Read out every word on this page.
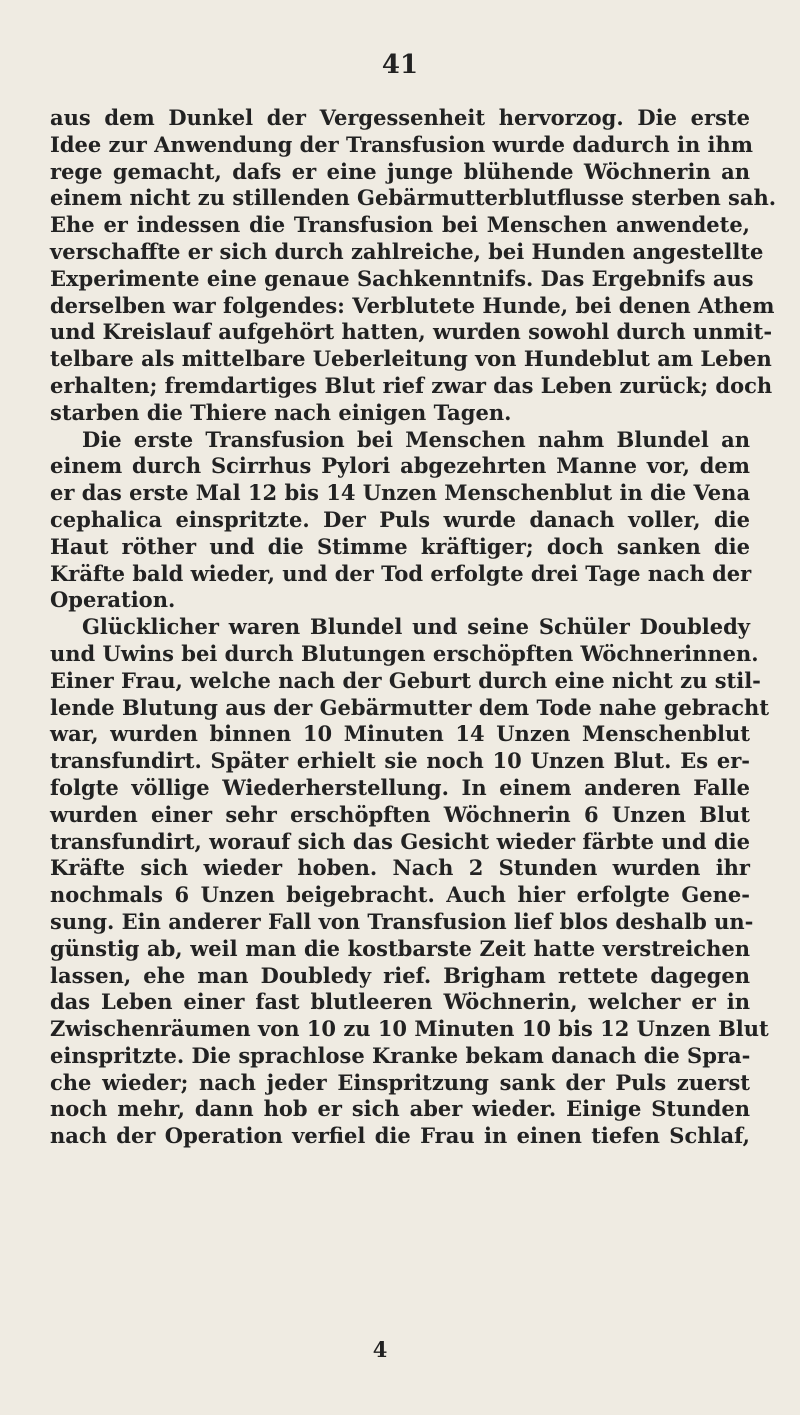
41
aus dem Dunkel der Vergessenheit hervorzog. Die erste
Idee zur Anwendung der Transfusion wurde dadurch in ihm
rege gemacht, dafs er eine junge blühende Wöchnerin an
einem nicht zu stillenden Gebärmutterblutflusse sterben sah.
Ehe er indessen die Transfusion bei Menschen anwendete,
verschaffte er sich durch zahlreiche, bei Hunden angestellte
Experimente eine genaue Sachkenntnifs. Das Ergebnifs aus
derselben war folgendes: Verblutete Hunde, bei denen Athem
und Kreislauf aufgehört hatten, wurden sowohl durch unmit-
telbare als mittelbare Ueberleitung von Hundeblut am Leben
erhalten; fremdartiges Blut rief zwar das Leben zurück; doch
starben die Thiere nach einigen Tagen.
Die erste Transfusion bei Menschen nahm Blundel an
einem durch Scirrhus Pylori abgezehrten Manne vor, dem
er das erste Mal 12 bis 14 Unzen Menschenblut in die Vena
cephalica einspritzte. Der Puls wurde danach voller, die
Haut röther und die Stimme kräftiger; doch sanken die
Kräfte bald wieder, und der Tod erfolgte drei Tage nach der
Operation.
Glücklicher waren Blundel und seine Schüler Doubledy
und Uwins bei durch Blutungen erschöpften Wöchnerinnen.
Einer Frau, welche nach der Geburt durch eine nicht zu stil-
lende Blutung aus der Gebärmutter dem Tode nahe gebracht
war, wurden binnen 10 Minuten 14 Unzen Menschenblut
transfundirt. Später erhielt sie noch 10 Unzen Blut. Es er-
folgte völlige Wiederherstellung. In einem anderen Falle
wurden einer sehr erschöpften Wöchnerin 6 Unzen Blut
transfundirt, worauf sich das Gesicht wieder färbte und die
Kräfte sich wieder hoben. Nach 2 Stunden wurden ihr
nochmals 6 Unzen beigebracht. Auch hier erfolgte Gene-
sung. Ein anderer Fall von Transfusion lief blos deshalb un-
günstig ab, weil man die kostbarste Zeit hatte verstreichen
lassen, ehe man Doubledy rief. Brigham rettete dagegen
das Leben einer fast blutleeren Wöchnerin, welcher er in
Zwischenräumen von 10 zu 10 Minuten 10 bis 12 Unzen Blut
einspritzte. Die sprachlose Kranke bekam danach die Spra-
che wieder; nach jeder Einspritzung sank der Puls zuerst
noch mehr, dann hob er sich aber wieder. Einige Stunden
nach der Operation verfiel die Frau in einen tiefen Schlaf,
4
